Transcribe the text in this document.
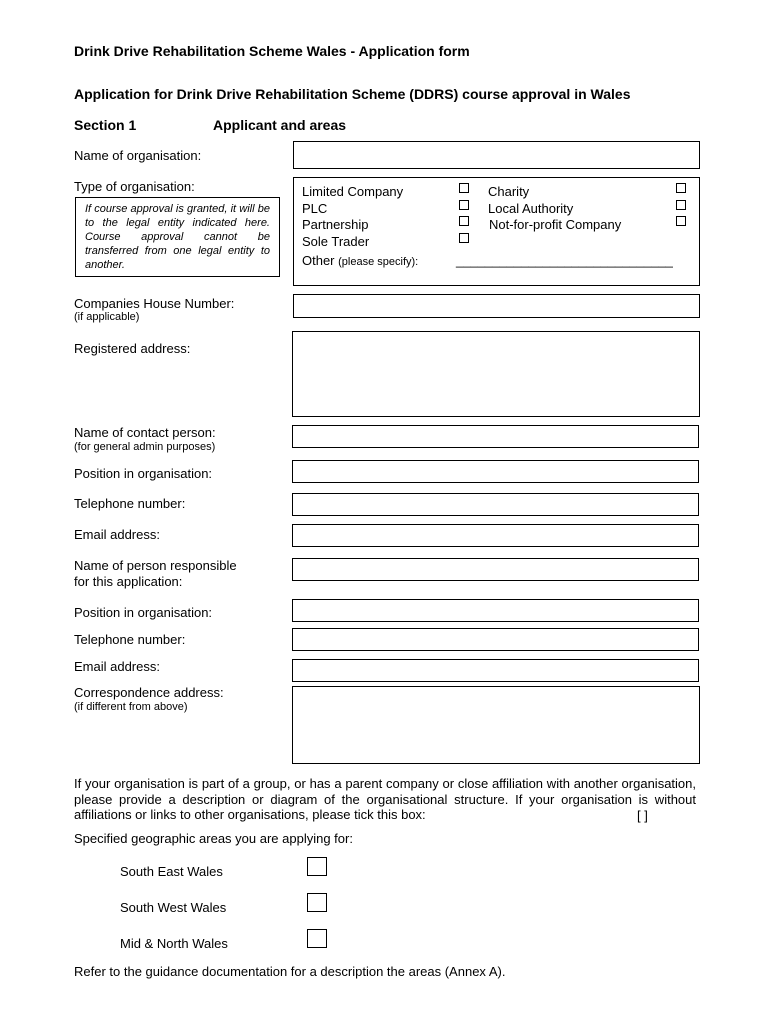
Drink Drive Rehabilitation Scheme Wales - Application form
Application for Drink Drive Rehabilitation Scheme (DDRS) course approval in Wales
Section 1	Applicant and areas
Name of organisation:
Type of organisation:
If course approval is granted, it will be to the legal entity indicated here. Course approval cannot be transferred from one legal entity to another.
Limited Company
PLC
Partnership
Sole Trader
Charity
Local Authority
Not-for-profit Company
Other (please specify):	______________________________
Companies House Number:
(if applicable)
Registered address:
Name of contact person:
(for general admin purposes)
Position in organisation:
Telephone number:
Email address:
Name of person responsible
for this application:
Position in organisation:
Telephone number:
Email address:
Correspondence address:
(if different from above)
If your organisation is part of a group, or has a parent company or close affiliation with another organisation, please provide a description or diagram of the organisational structure. If your organisation is without affiliations or links to other organisations, please tick this box:	[ ]
Specified geographic areas you are applying for:
South East Wales
South West Wales
Mid & North Wales
Refer to the guidance documentation for a description the areas (Annex A).
